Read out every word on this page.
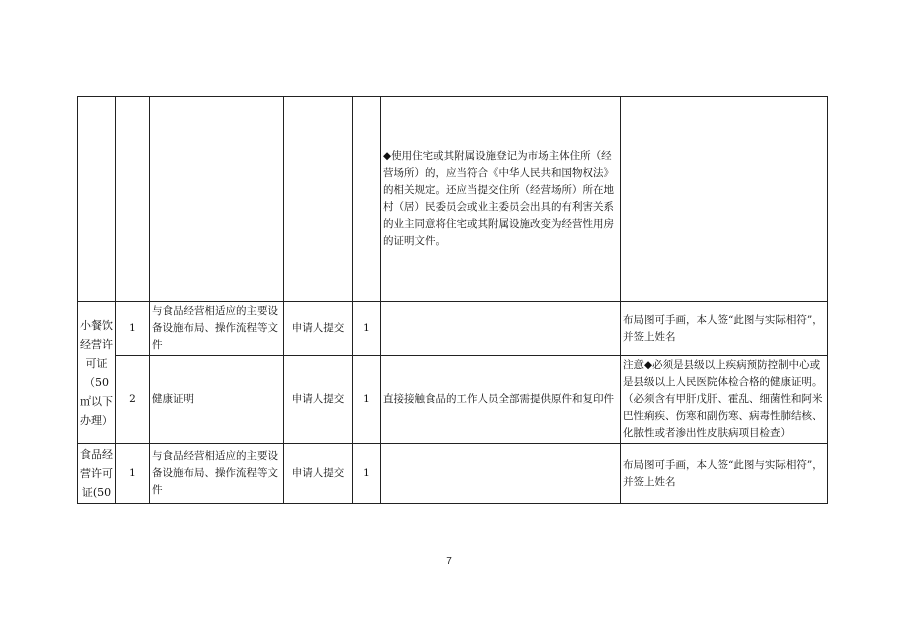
					◆使用住宅或其附属设施登记为市场主体住所（经营场所）的，应当符合《中华人民共和国物权法》的相关规定。还应当提交住所（经营场所）所在地村（居）民委员会或业主委员会出具的有利害关系的业主同意将住宅或其附属设施改变为经营性用房的证明文件。	
小餐饮经营许可证（50㎡以下办理）	1	与食品经营相适应的主要设备设施布局、操作流程等文件	申请人提交	1		布局图可手画，本人签“此图与实际相符”，并签上姓名
	2	健康证明	申请人提交	1	直接接触食品的工作人员全部需提供原件和复印件	注意◆必须是县级以上疾病预防控制中心或是县级以上人民医院体检合格的健康证明。（必须含有甲肝戊肝、霍乱、细菌性和阿米巴性痢疾、伤寒和副伤寒、病毒性肺结核、化脓性或者渗出性皮肤病项目检查）
食品经营许可证(50	1	与食品经营相适应的主要设备设施布局、操作流程等文件	申请人提交	1		布局图可手画，本人签“此图与实际相符”，并签上姓名
7
